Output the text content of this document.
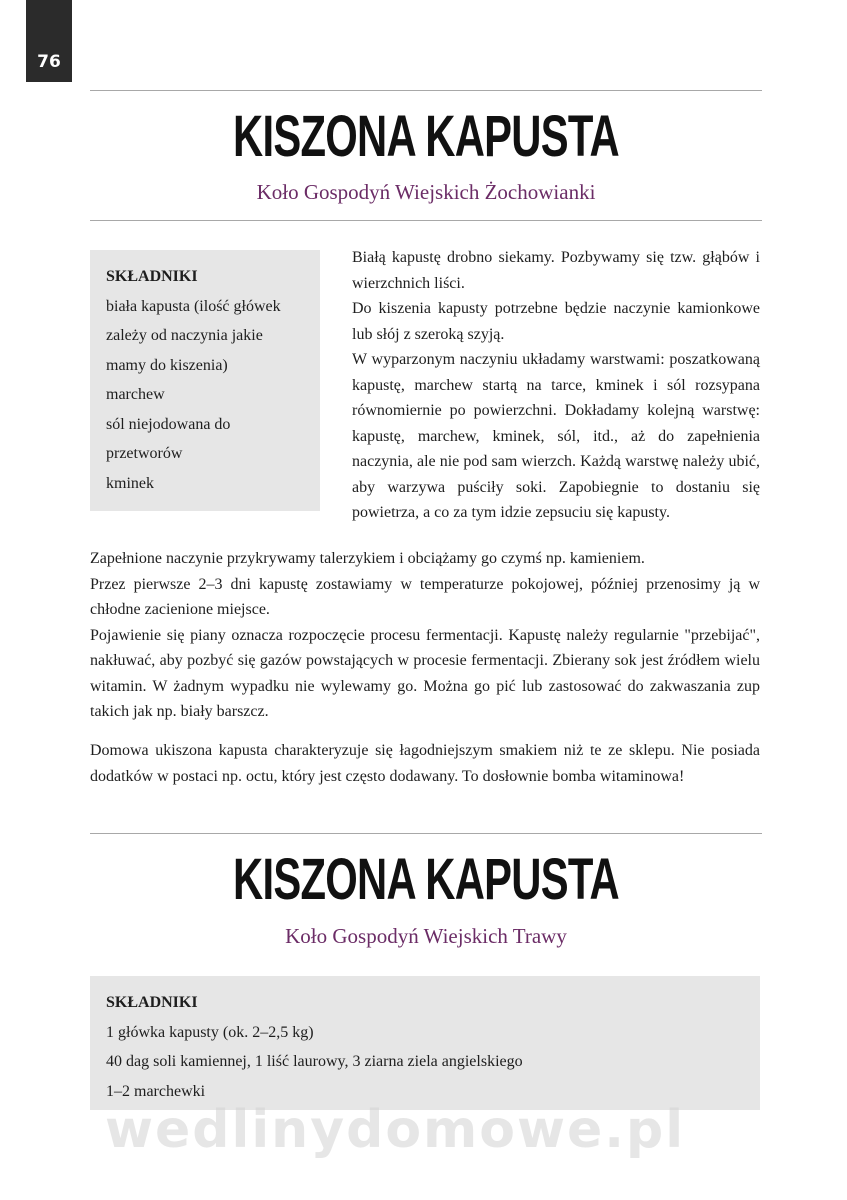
76
KISZONA KAPUSTA
Koło Gospodyń Wiejskich Żochowianki
SKŁADNIKI
biała kapusta (ilość główek
zależy od naczynia jakie
mamy do kiszenia)
marchew
sól niejodowana do
przetworów
kminek

Białą kapustę drobno siekamy. Pozbywamy się tzw. głąbów i wierzchnich liści.

Do kiszenia kapusty potrzebne będzie naczynie kamionkowe lub słój z szeroką szyją.

W wyparzonym naczyniu układamy warstwami: poszatkowaną kapustę, marchew startą na tarce, kminek i sól rozsypana równomiernie po powierzchni. Dokładamy kolejną warstwę: kapustę, marchew, kminek, sól, itd., aż do zapełnienia naczynia, ale nie pod sam wierzch. Każdą warstwę należy ubić, aby warzywa puściły soki. Zapobiegnie to dostaniu się powietrza, a co za tym idzie zepsuciu się kapusty.

Zapełnione naczynie przykrywamy talerzykiem i obciążamy go czymś np. kamieniem.

Przez pierwsze 2–3 dni kapustę zostawiamy w temperaturze pokojowej, później przenosimy ją w chłodne zacienione miejsce.

Pojawienie się piany oznacza rozpoczęcie procesu fermentacji. Kapustę należy regularnie "przebijać", nakłuwać, aby pozbyć się gazów powstających w procesie fermentacji. Zbierany sok jest źródłem wielu witamin. W żadnym wypadku nie wylewamy go. Można go pić lub zastosować do zakwaszania zup takich jak np. biały barszcz.

Domowa ukiszona kapusta charakteryzuje się łagodniejszym smakiem niż te ze sklepu. Nie posiada dodatków w postaci np. octu, który jest często dodawany. To dosłownie bomba witaminowa!

KISZONA KAPUSTA
Koło Gospodyń Wiejskich Trawy
SKŁADNIKI
1 główka kapusty (ok. 2–2,5 kg)
40 dag soli kamiennej, 1 liść laurowy, 3 ziarna ziela angielskiego
1–2 marchewki
wedlinydomowe.pl
